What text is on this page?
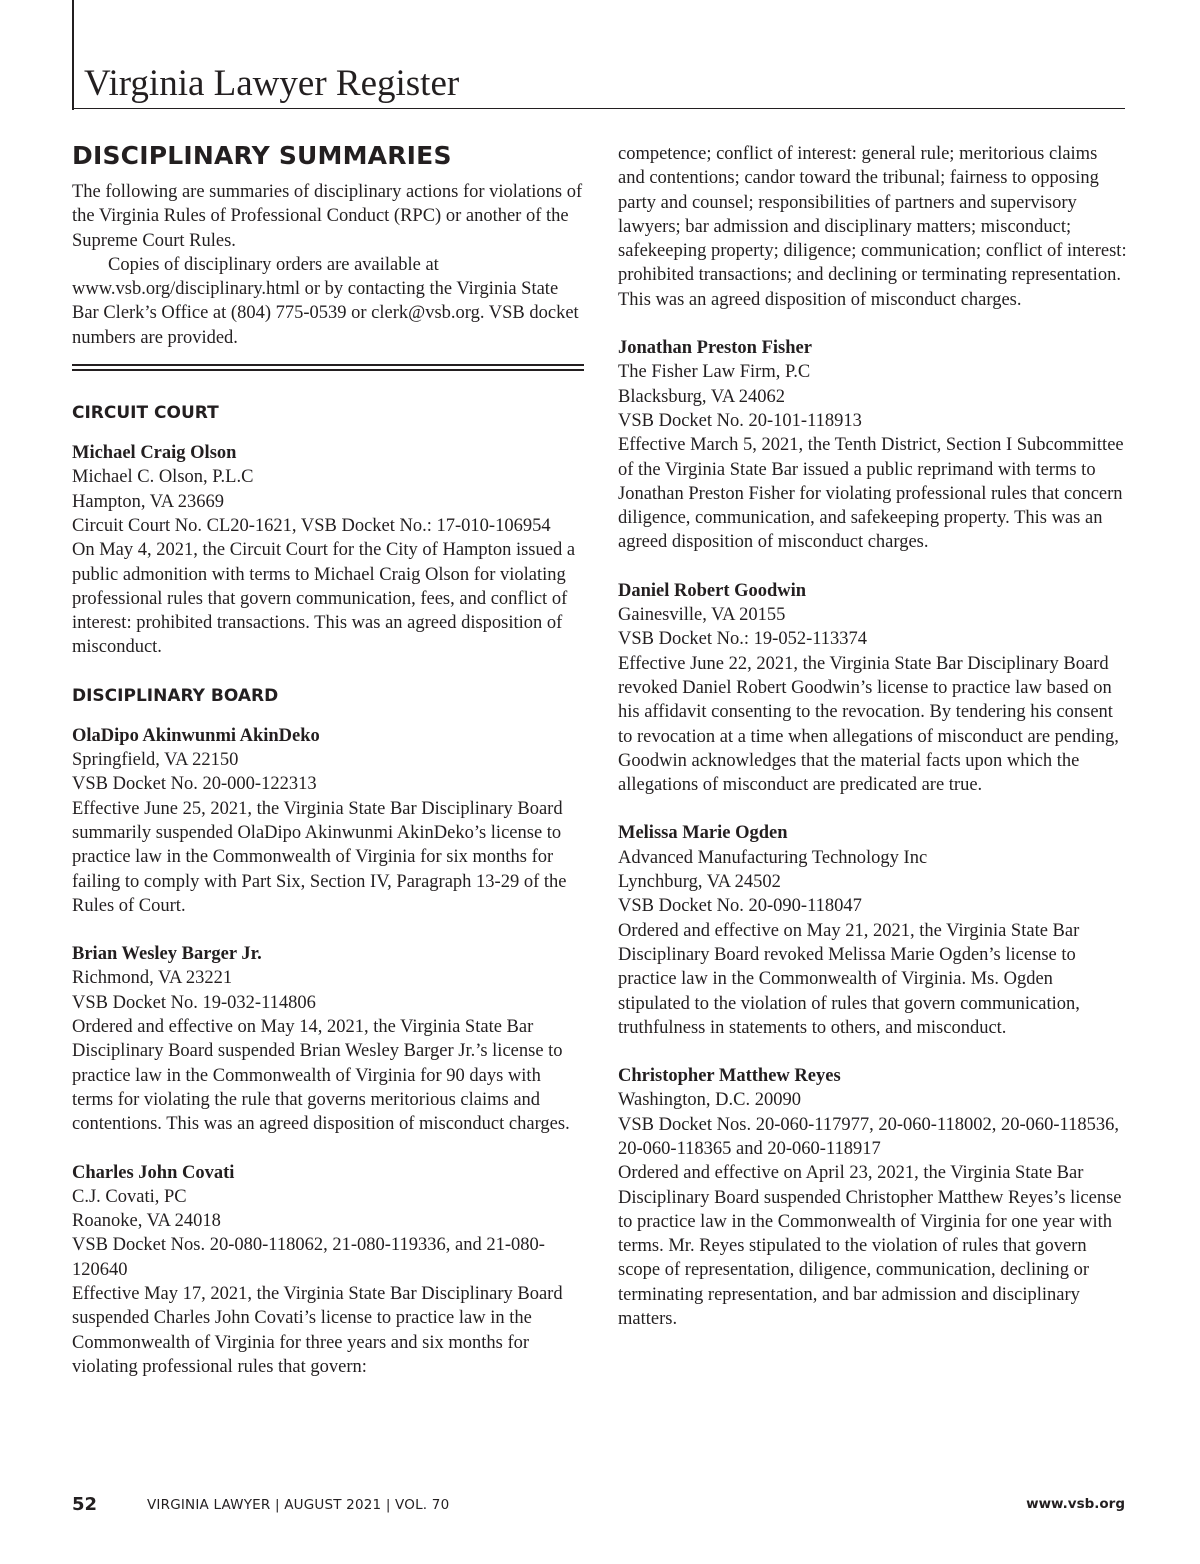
Virginia Lawyer Register
DISCIPLINARY SUMMARIES

The following are summaries of disciplinary actions for violations of the Virginia Rules of Professional Conduct (RPC) or another of the Supreme Court Rules.

Copies of disciplinary orders are available at www.vsb.org/disciplinary.html or by contacting the Virginia State Bar Clerk’s Office at (804) 775-0539 or clerk@vsb.org. VSB docket numbers are provided.

CIRCUIT COURT
Michael Craig Olson
Michael C. Olson, P.L.C
Hampton, VA 23669
Circuit Court No. CL20-1621, VSB Docket No.: 17-010-106954
On May 4, 2021, the Circuit Court for the City of Hampton issued a public admonition with terms to Michael Craig Olson for violating professional rules that govern communication, fees, and conflict of interest: prohibited transactions. This was an agreed disposition of misconduct.
DISCIPLINARY BOARD
OlaDipo Akinwunmi AkinDeko
Springfield, VA 22150
VSB Docket No. 20-000-122313
Effective June 25, 2021, the Virginia State Bar Disciplinary Board summarily suspended OlaDipo Akinwunmi AkinDeko’s license to practice law in the Commonwealth of Virginia for six months for failing to comply with Part Six, Section IV, Paragraph 13-29 of the Rules of Court.
Brian Wesley Barger Jr.
Richmond, VA 23221
VSB Docket No. 19-032-114806
Ordered and effective on May 14, 2021, the Virginia State Bar Disciplinary Board suspended Brian Wesley Barger Jr.’s license to practice law in the Commonwealth of Virginia for 90 days with terms for violating the rule that governs meritorious claims and contentions. This was an agreed disposition of misconduct charges.
Charles John Covati
C.J. Covati, PC
Roanoke, VA 24018
VSB Docket Nos. 20-080-118062, 21-080-119336, and 21-080-120640
Effective May 17, 2021, the Virginia State Bar Disciplinary Board suspended Charles John Covati’s license to practice law in the Commonwealth of Virginia for three years and six months for violating professional rules that govern:
competence; conflict of interest: general rule; meritorious claims and contentions; candor toward the tribunal; fairness to opposing party and counsel; responsibilities of partners and supervisory lawyers; bar admission and disciplinary matters; misconduct; safekeeping property; diligence; communication; conflict of interest: prohibited transactions; and declining or terminating representation. This was an agreed disposition of misconduct charges.
Jonathan Preston Fisher
The Fisher Law Firm, P.C
Blacksburg, VA 24062
VSB Docket No. 20-101-118913
Effective March 5, 2021, the Tenth District, Section I Subcommittee of the Virginia State Bar issued a public reprimand with terms to Jonathan Preston Fisher for violating professional rules that concern diligence, communication, and safekeeping property. This was an agreed disposition of misconduct charges.
Daniel Robert Goodwin
Gainesville, VA 20155
VSB Docket No.: 19-052-113374
Effective June 22, 2021, the Virginia State Bar Disciplinary Board revoked Daniel Robert Goodwin’s license to practice law based on his affidavit consenting to the revocation. By tendering his consent to revocation at a time when allegations of misconduct are pending, Goodwin acknowledges that the material facts upon which the allegations of misconduct are predicated are true.
Melissa Marie Ogden
Advanced Manufacturing Technology Inc
Lynchburg, VA 24502
VSB Docket No. 20-090-118047
Ordered and effective on May 21, 2021, the Virginia State Bar Disciplinary Board revoked Melissa Marie Ogden’s license to practice law in the Commonwealth of Virginia. Ms. Ogden stipulated to the violation of rules that govern communication, truthfulness in statements to others, and misconduct.
Christopher Matthew Reyes
Washington, D.C. 20090
VSB Docket Nos. 20-060-117977, 20-060-118002, 20-060-118536, 20-060-118365 and 20-060-118917
Ordered and effective on April 23, 2021, the Virginia State Bar Disciplinary Board suspended Christopher Matthew Reyes’s license to practice law in the Commonwealth of Virginia for one year with terms. Mr. Reyes stipulated to the violation of rules that govern scope of representation, diligence, communication, declining or terminating representation, and bar admission and disciplinary matters.
52	VIRGINIA LAWYER | AUGUST 2021 | VOL. 70	www.vsb.org
